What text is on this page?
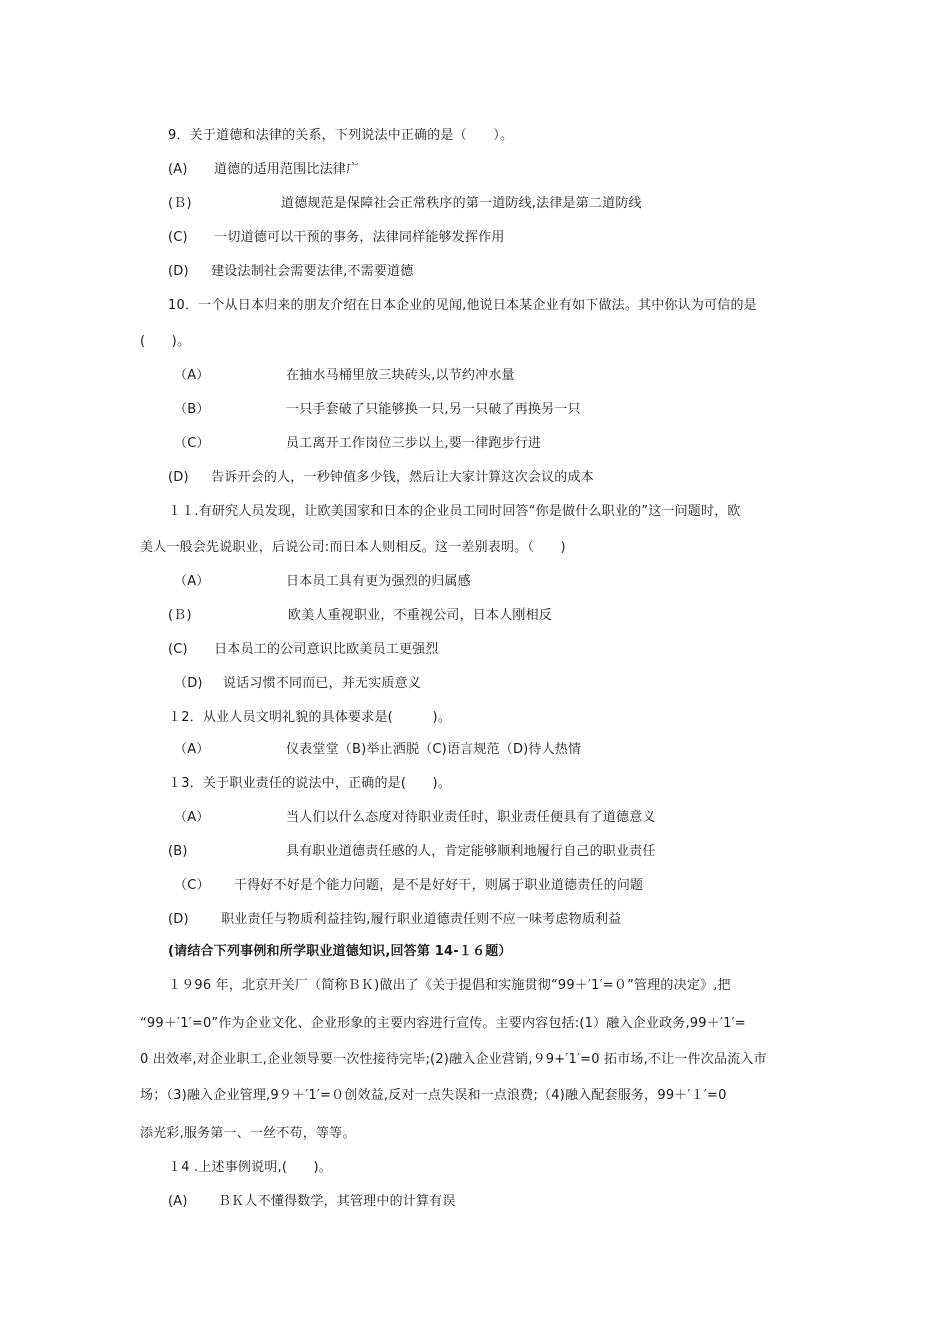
9．关于道德和法律的关系，下列说法中正确的是（　　）。
(A) 道德的适用范围比法律广
(Ｂ)	道德规范是保障社会正常秩序的第一道防线,法律是第二道防线
(C) 一切道德可以干预的事务，法律同样能够发挥作用
(D) 建设法制社会需要法律,不需要道德
10．一个从日本归来的朋友介绍在日本企业的见闻,他说日本某企业有如下做法。其中你认为可信的是
(　　)。
（A）	在抽水马桶里放三块砖头,以节约冲水量
（B）	一只手套破了只能够换一只,另一只破了再换另一只
（C）	员工离开工作岗位三步以上,要一律跑步行进
(D) 告诉开会的人，一秒钟值多少钱，然后让大家计算这次会议的成本
１１.有研究人员发现，让欧美国家和日本的企业员工同时回答“你是做什么职业的”这一问题时，欧
美人一般会先说职业，后说公司:而日本人则相反。这一差别表明。（　　)
（A）	日本员工具有更为强烈的归属感
(Ｂ)	欧美人重视职业，不重视公司，日本人刚相反
(C) 日本员工的公司意识比欧美员工更强烈
（D) 说话习惯不同而已，并无实质意义
１2．从业人员文明礼貌的具体要求是(　　　)。
（A）	仪表堂堂（B)举止洒脱（C)语言规范（D)待人热情
１3．关于职业责任的说法中，正确的是(　　)。
（A）	当人们以什么态度对待职业责任时，职业责任便具有了道德意义
(B)	具有职业道德责任感的人，肯定能够顺利地履行自己的职业责任
（C） 干得好不好是个能力问题，是不是好好干，则属于职业道德责任的问题
(D) 职业责任与物质利益挂钩,履行职业道德责任则不应一味考虑物质利益
(请结合下列事例和所学职业道德知识,回答第 14-１６题）
１９96 年，北京开关厂（简称ＢＫ)做出了《关于提倡和实施贯彻“99＋′1′=０”管理的决定》,把
“99＋′1′=0”作为企业文化、企业形象的主要内容进行宣传。主要内容包括:(1）融入企业政务,99＋′1′=
0 出效率,对企业职工,企业领导要一次性接待完毕;(2)融入企业营销,９9+′1′=0 拓市场,不让一件次品流入市
场；（3)融入企业管理,9９＋′1′=０创效益,反对一点失误和一点浪费;（4)融入配套服务，99＋′１′=0
添光彩,服务第一、一丝不苟，等等。
１4 .上述事例说明,(　　)。
(A) ＢＫ人不懂得数学，其管理中的计算有误
